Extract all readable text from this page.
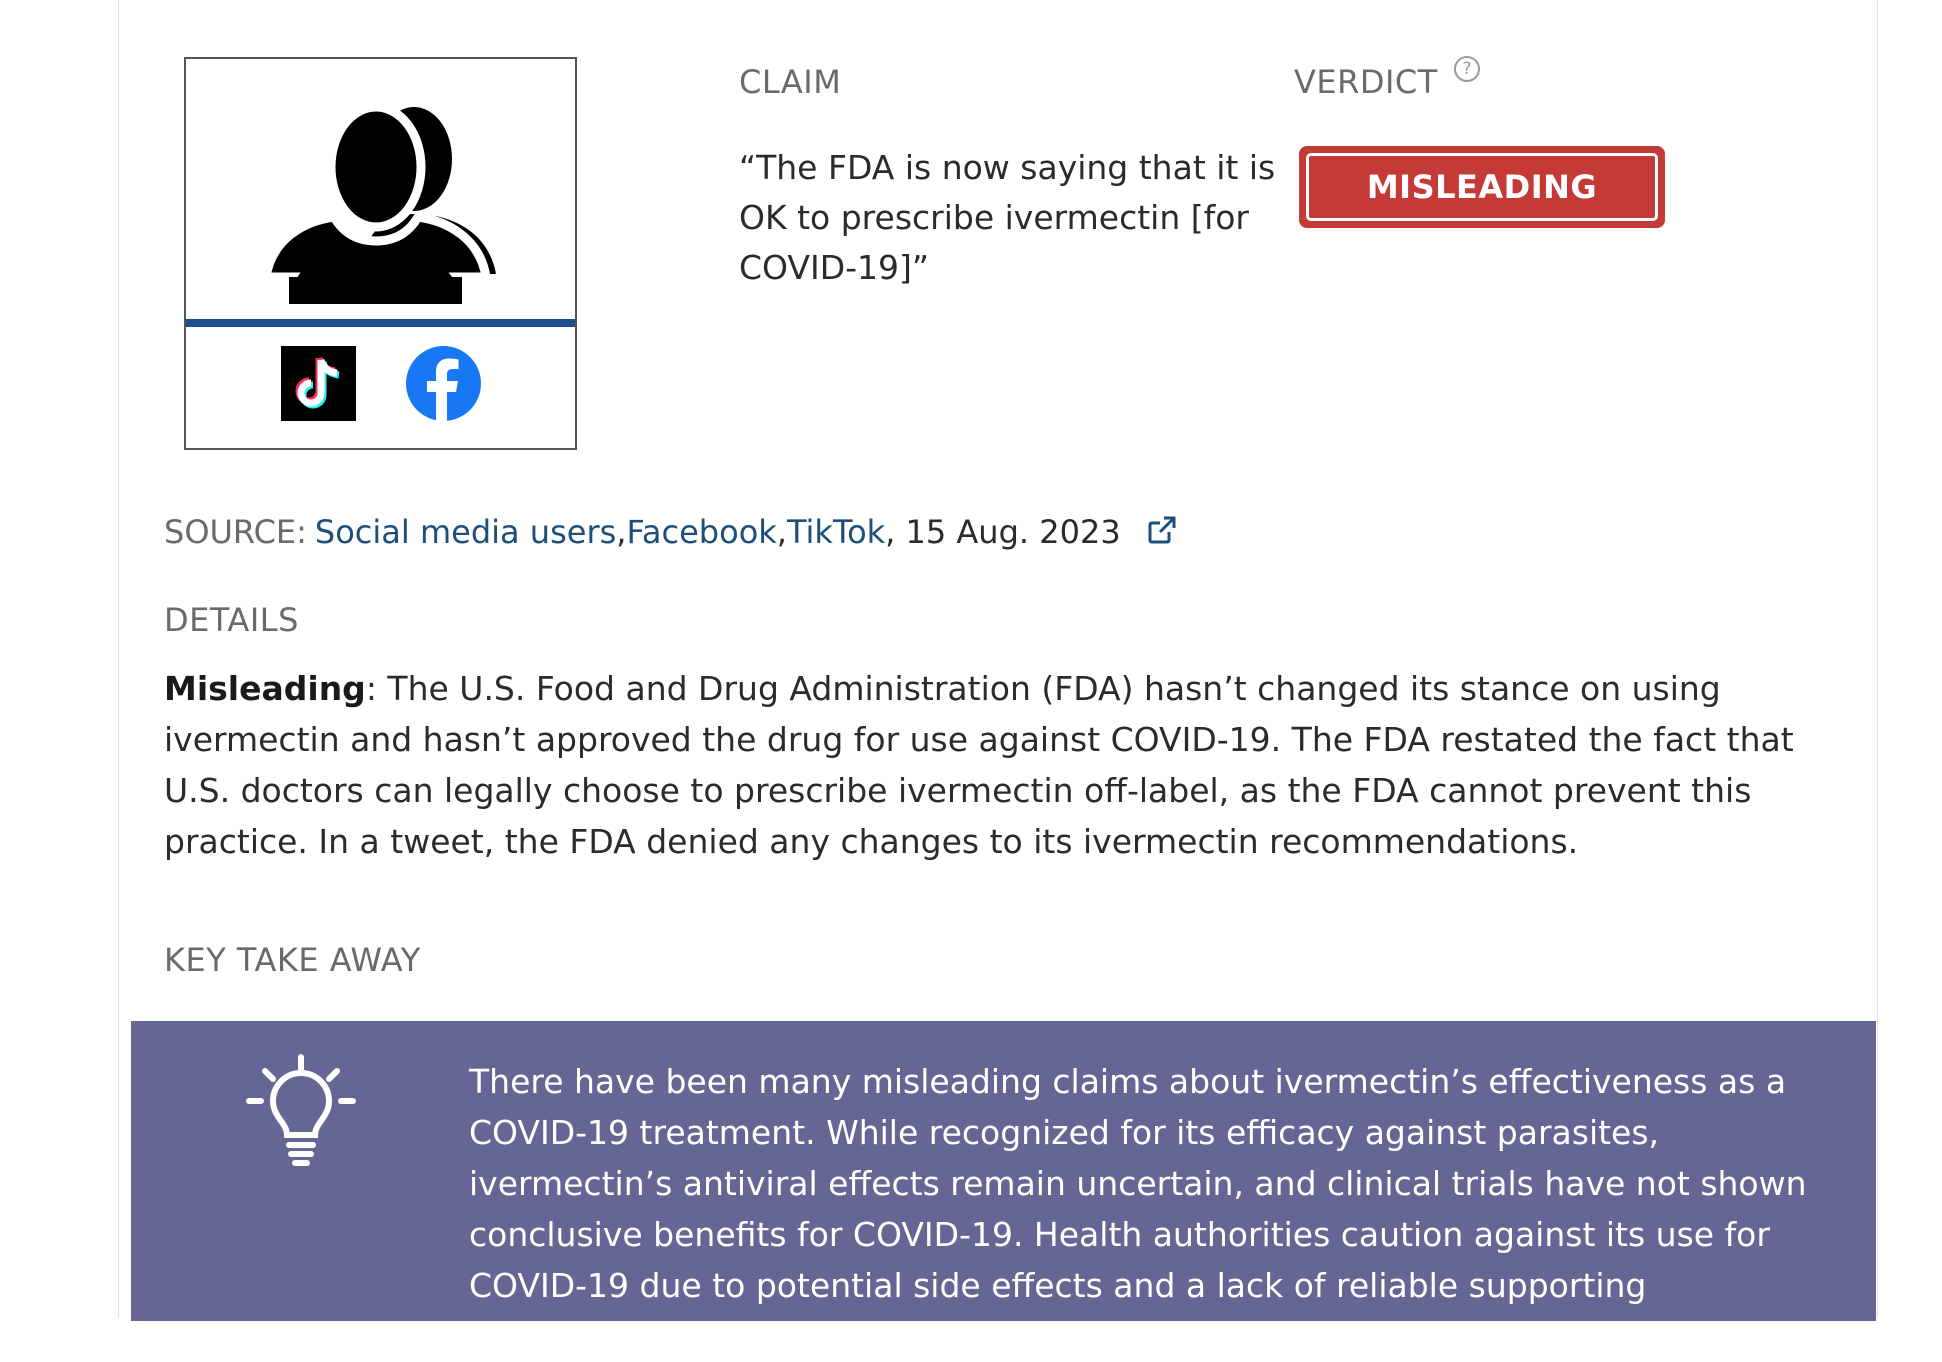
CLAIM
“The FDA is now saying that it is OK to prescribe ivermectin [for COVID-19]”
VERDICT	?
MISLEADING
SOURCE: Social media users , Facebook , TikTok , 15 Aug. 2023
DETAILS
Misleading: The U.S. Food and Drug Administration (FDA) hasn’t changed its stance on using ivermectin and hasn’t approved the drug for use against COVID-19. The FDA restated the fact that U.S. doctors can legally choose to prescribe ivermectin off-label, as the FDA cannot prevent this practice. In a tweet, the FDA denied any changes to its ivermectin recommendations.
KEY TAKE AWAY
There have been many misleading claims about ivermectin’s effectiveness as a COVID-19 treatment. While recognized for its efficacy against parasites, ivermectin’s antiviral effects remain uncertain, and clinical trials have not shown conclusive benefits for COVID-19. Health authorities caution against its use for COVID-19 due to potential side effects and a lack of reliable supporting evidence.
